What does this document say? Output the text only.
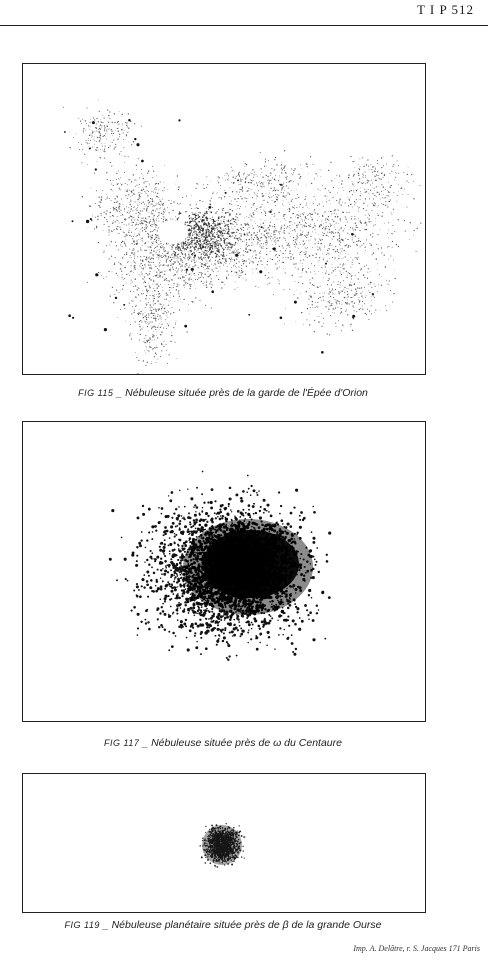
T I P 512
FIG 115 _ Nébuleuse située près de la garde de l'Épée d'Orion
FIG 117 _ Nébuleuse située près de ω du Centaure
FIG 119 _ Nébuleuse planétaire située près de β de la grande Ourse
Imp. A. Delâtre, r. S. Jacques 171 Paris
